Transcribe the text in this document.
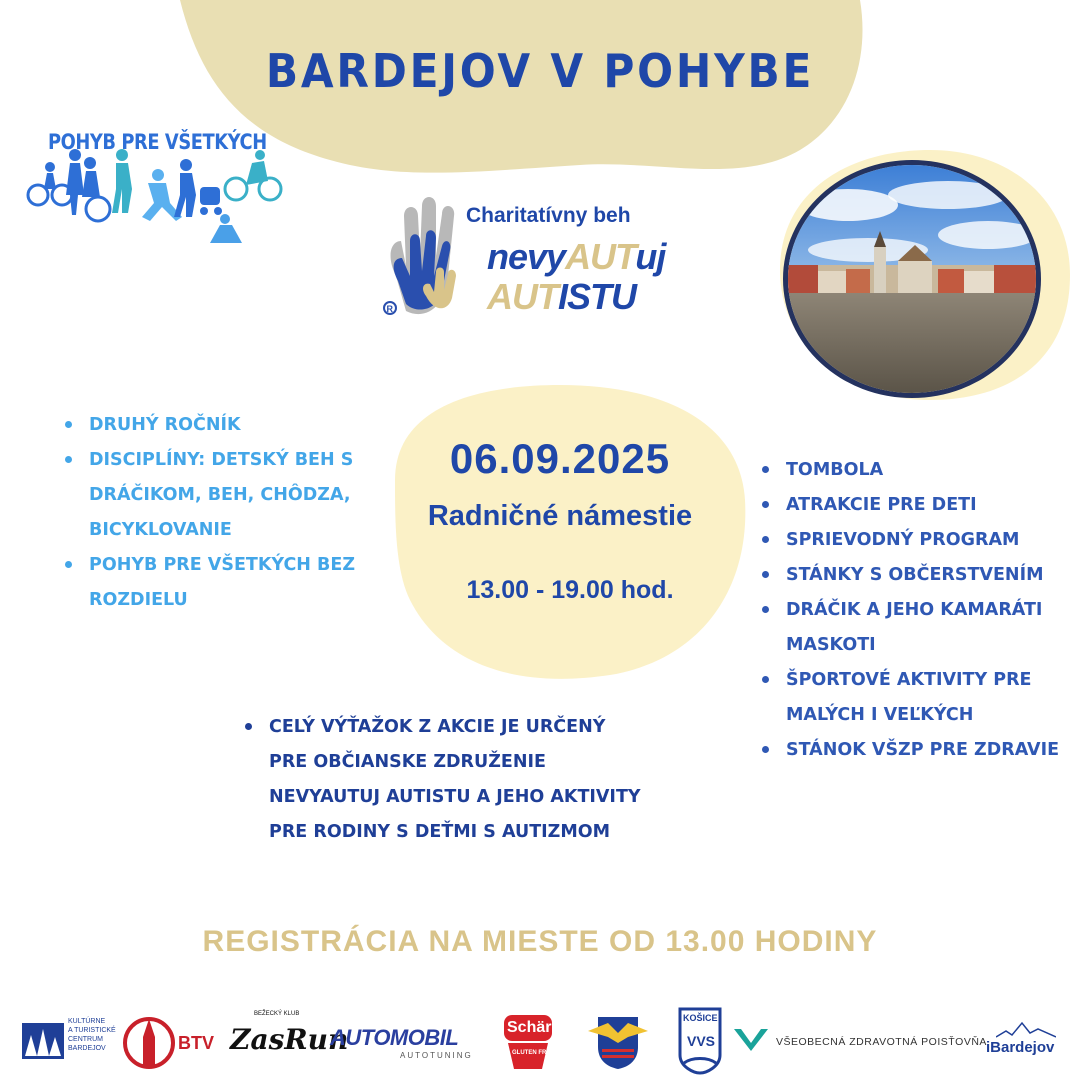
BARDEJOV V POHYBE
POHYB PRE VŠETKÝCH
R
Charitatívny beh
nevyAUTuj
AUTISTU
DRUHÝ ROČNÍK
DISCIPLÍNY: DETSKÝ BEH S DRÁČIKOM, BEH, CHÔDZA, BICYKLOVANIE
POHYB PRE VŠETKÝCH BEZ ROZDIELU
06.09.2025
Radničné námestie
13.00 - 19.00 hod.
TOMBOLA
ATRAKCIE PRE DETI
SPRIEVODNÝ PROGRAM
STÁNKY S OBČERSTVENÍM
DRÁČIK A JEHO KAMARÁTI MASKOTI
ŠPORTOVÉ AKTIVITY PRE MALÝCH I VEĽKÝCH
STÁNOK VŠZP PRE ZDRAVIE
CELÝ VÝŤAŽOK Z AKCIE JE URČENÝ PRE OBČIANSKE ZDRUŽENIE NEVYAUTUJ AUTISTU A JEHO AKTIVITY PRE RODINY S DEŤMI S AUTIZMOM
REGISTRÁCIA NA MIESTE OD 13.00 HODINY
KULTÚRNE
A TURISTICKÉ
CENTRUM
BARDEJOV	BTV
BEŽECKÝ KLUB
ZasRun
AUTOMOBIL
AUTOTUNING
Schär
GLUTEN FREE
KOŠICE
VVS	VŠEOBECNÁ ZDRAVOTNÁ POISŤOVŇA iBardejov
